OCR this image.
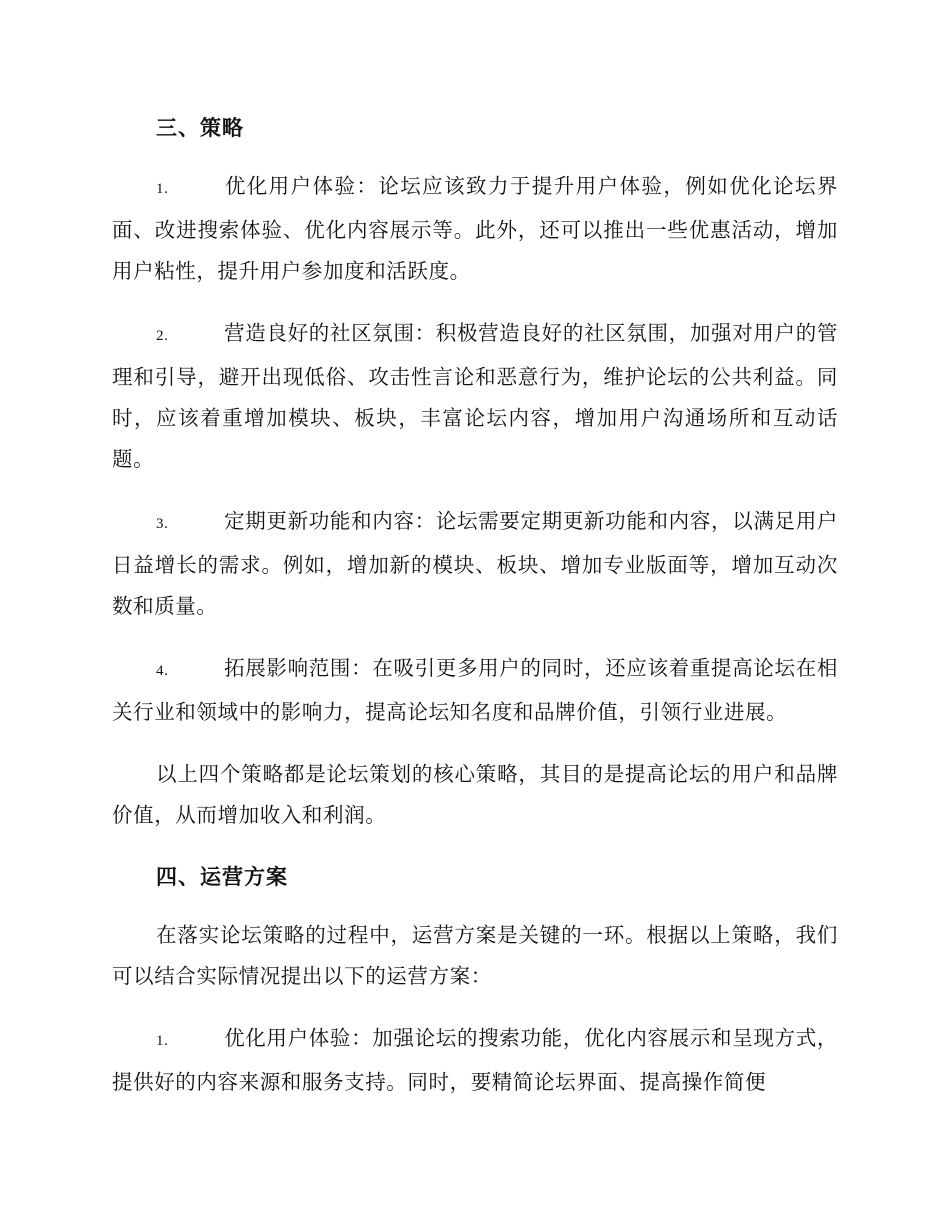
三、策略

1.	优化用户体验：论坛应该致力于提升用户体验，例如优化论坛界面、改进搜索体验、优化内容展示等。此外，还可以推出一些优惠活动，增加用户粘性，提升用户参加度和活跃度。

2.	营造良好的社区氛围：积极营造良好的社区氛围，加强对用户的管理和引导，避开出现低俗、攻击性言论和恶意行为，维护论坛的公共利益。同时，应该着重增加模块、板块，丰富论坛内容，增加用户沟通场所和互动话题。

3.	定期更新功能和内容：论坛需要定期更新功能和内容，以满足用户日益增长的需求。例如，增加新的模块、板块、增加专业版面等，增加互动次数和质量。

4.	拓展影响范围：在吸引更多用户的同时，还应该着重提高论坛在相关行业和领域中的影响力，提高论坛知名度和品牌价值，引领行业进展。

以上四个策略都是论坛策划的核心策略，其目的是提高论坛的用户和品牌价值，从而增加收入和利润。

四、运营方案

在落实论坛策略的过程中，运营方案是关键的一环。根据以上策略，我们可以结合实际情况提出以下的运营方案：

1.	优化用户体验：加强论坛的搜索功能，优化内容展示和呈现方式，提供好的内容来源和服务支持。同时，要精简论坛界面、提高操作简便
